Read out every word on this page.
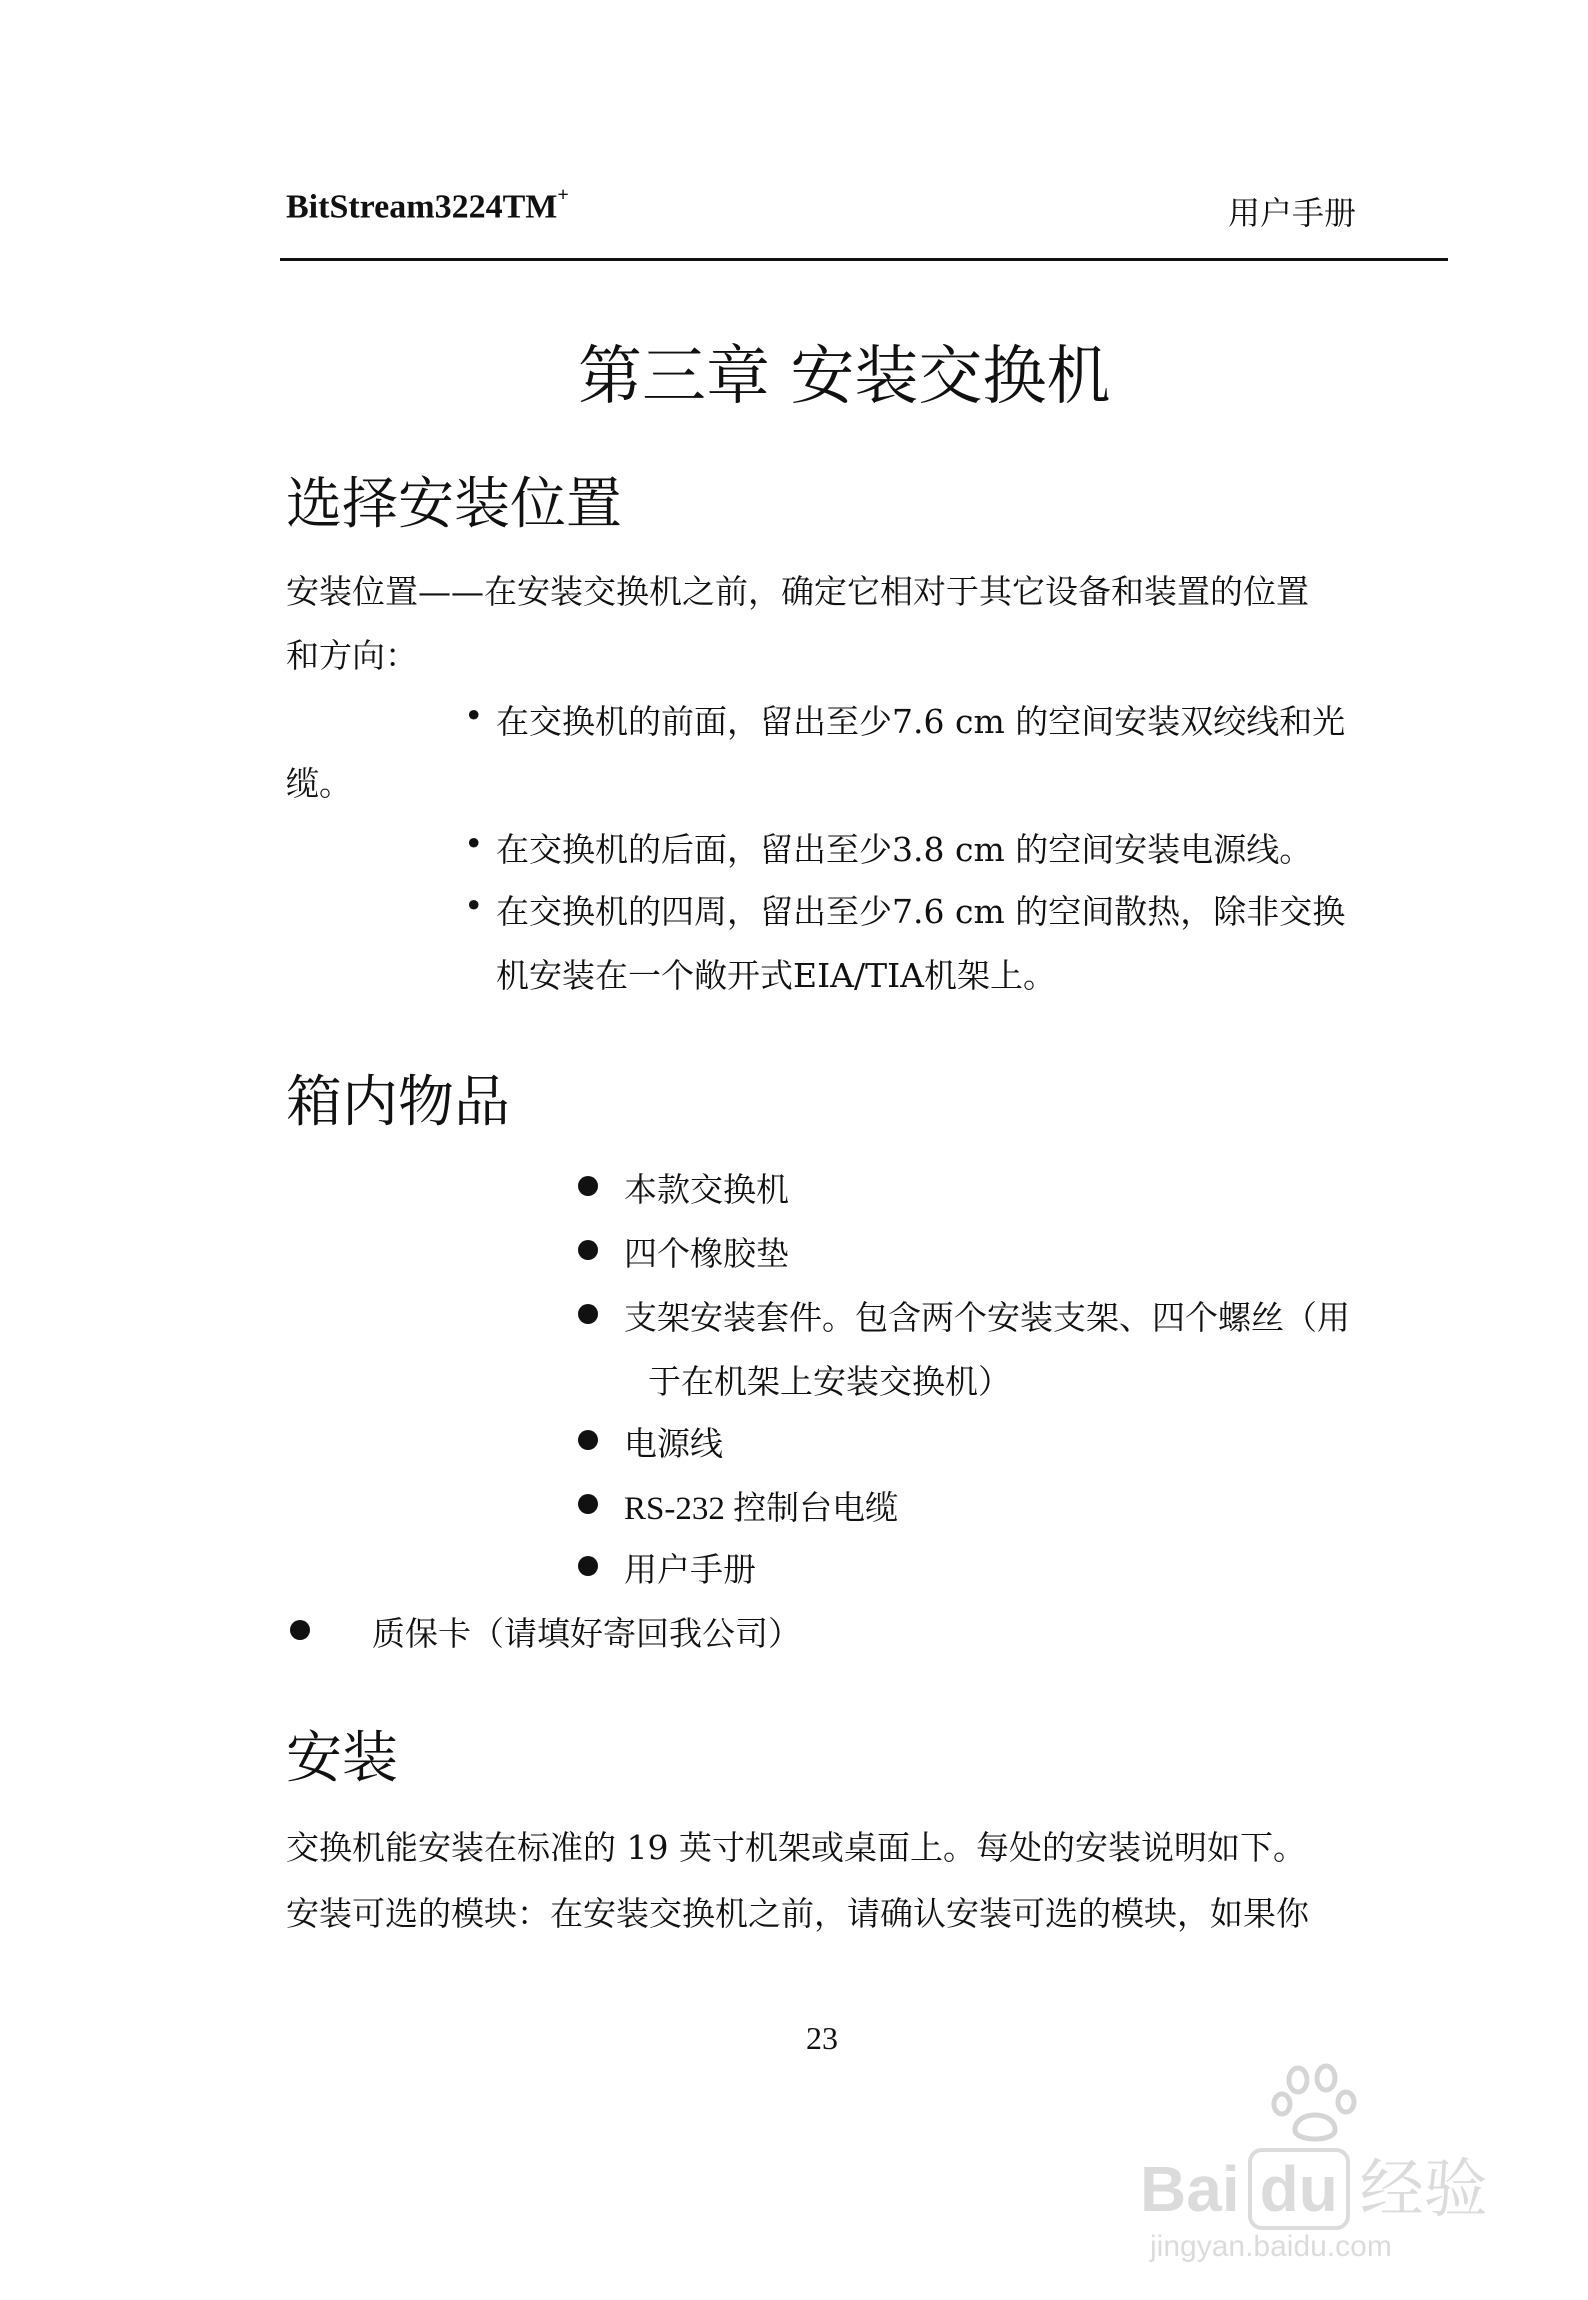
BitStream3224TM+	用户手册
第三章 安装交换机
选择安装位置
安装位置——在安装交换机之前，确定它相对于其它设备和装置的位置
和方向：
• 在交换机的前面，留出至少7.6 cm 的空间安装双绞线和光
缆。
• 在交换机的后面，留出至少3.8 cm 的空间安装电源线。
• 在交换机的四周，留出至少7.6 cm 的空间散热，除非交换
机安装在一个敞开式EIA/TIA机架上。
箱内物品
本款交换机
四个橡胶垫
支架安装套件。包含两个安装支架、四个螺丝（用
于在机架上安装交换机）
电源线
RS-232 控制台电缆
用户手册
质保卡（请填好寄回我公司）
安装
交换机能安装在标准的 19 英寸机架或桌面上。每处的安装说明如下。
安装可选的模块：在安装交换机之前，请确认安装可选的模块，如果你
23
Bai du 经验
jingyan.baidu.com
